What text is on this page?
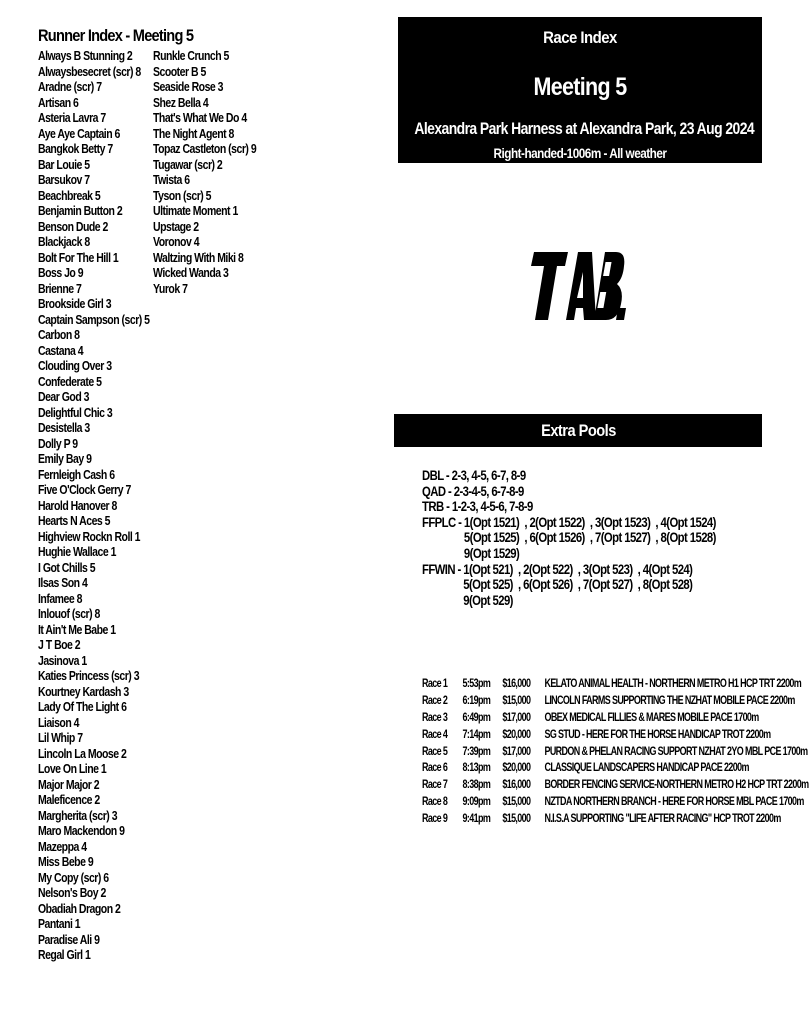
Runner Index - Meeting 5
Always B Stunning 2
Alwaysbesecret (scr) 8
Aradne (scr) 7
Artisan 6
Asteria Lavra 7
Aye Aye Captain 6
Bangkok Betty 7
Bar Louie 5
Barsukov 7
Beachbreak 5
Benjamin Button 2
Benson Dude 2
Blackjack 8
Bolt For The Hill 1
Boss Jo 9
Brienne 7
Brookside Girl 3
Captain Sampson (scr) 5
Carbon 8
Castana 4
Clouding Over 3
Confederate 5
Dear God 3
Delightful Chic 3
Desistella 3
Dolly P 9
Emily Bay 9
Fernleigh Cash 6
Five O'Clock Gerry 7
Harold Hanover 8
Hearts N Aces 5
Highview Rockn Roll 1
Hughie Wallace 1
I Got Chills 5
Ilsas Son 4
Infamee 8
Inlouof (scr) 8
It Ain't Me Babe 1
J T Boe 2
Jasinova 1
Katies Princess (scr) 3
Kourtney Kardash 3
Lady Of The Light 6
Liaison 4
Lil Whip 7
Lincoln La Moose 2
Love On Line 1
Major Major 2
Maleficence 2
Margherita (scr) 3
Maro Mackendon 9
Mazeppa 4
Miss Bebe 9
My Copy (scr) 6
Nelson's Boy 2
Obadiah Dragon 2
Pantani 1
Paradise Ali 9
Regal Girl 1
Runkle Crunch 5
Scooter B 5
Seaside Rose 3
Shez Bella 4
That's What We Do 4
The Night Agent 8
Topaz Castleton (scr) 9
Tugawar (scr) 2
Twista 6
Tyson (scr) 5
Ultimate Moment 1
Upstage 2
Voronov 4
Waltzing With Miki 8
Wicked Wanda 3
Yurok 7
Race Index
Meeting 5
Alexandra Park Harness at Alexandra Park, 23 Aug 2024
Right-handed-1006m - All weather
Extra Pools
DBL - 2-3, 4-5, 6-7, 8-9
QAD - 2-3-4-5, 6-7-8-9
TRB - 1-2-3, 4-5-6, 7-8-9
FFPLC - 1(Opt 1521)  , 2(Opt 1522)  , 3(Opt 1523)  , 4(Opt 1524)
5(Opt 1525)  , 6(Opt 1526)  , 7(Opt 1527)  , 8(Opt 1528)
9(Opt 1529)
FFWIN - 1(Opt 521)  , 2(Opt 522)  , 3(Opt 523)  , 4(Opt 524)
5(Opt 525)  , 6(Opt 526)  , 7(Opt 527)  , 8(Opt 528)
9(Opt 529)
Race 1 5:53pm $16,000 KELATO ANIMAL HEALTH - NORTHERN METRO H1 HCP TRT 2200m
Race 2 6:19pm $15,000 LINCOLN FARMS SUPPORTING THE NZHAT MOBILE PACE 2200m
Race 3 6:49pm $17,000 OBEX MEDICAL FILLIES & MARES MOBILE PACE 1700m
Race 4 7:14pm $20,000 SG STUD - HERE FOR THE HORSE HANDICAP TROT 2200m
Race 5 7:39pm $17,000 PURDON & PHELAN RACING SUPPORT NZHAT 2YO MBL PCE 1700m
Race 6 8:13pm $20,000 CLASSIQUE LANDSCAPERS HANDICAP PACE 2200m
Race 7 8:38pm $16,000 BORDER FENCING SERVICE-NORTHERN METRO H2 HCP TRT 2200m
Race 8 9:09pm $15,000 NZTDA NORTHERN BRANCH - HERE FOR HORSE MBL PACE 1700m
Race 9 9:41pm $15,000 N.I.S.A SUPPORTING "LIFE AFTER RACING" HCP TROT 2200m
